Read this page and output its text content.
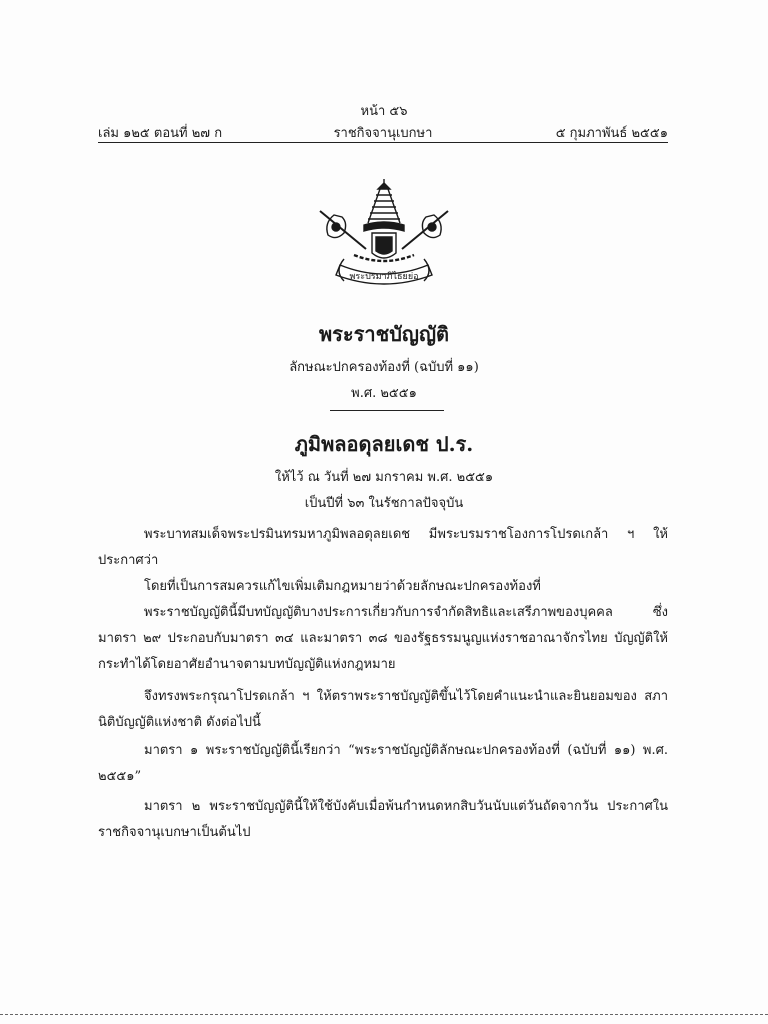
หน้า ๕๖
เล่ม ๑๒๕ ตอนที่ ๒๗ ก	ราชกิจจานุเบกษา	๕ กุมภาพันธ์ ๒๕๕๑
พระปรมาภิไธยย่อ
พระราชบัญญัติ
ลักษณะปกครองท้องที่ (ฉบับที่ ๑๑)
พ.ศ. ๒๕๕๑
ภูมิพลอดุลยเดช ป.ร.
ให้ไว้ ณ วันที่ ๒๗ มกราคม พ.ศ. ๒๕๕๑
เป็นปีที่ ๖๓ ในรัชกาลปัจจุบัน
พระบาทสมเด็จพระปรมินทรมหาภูมิพลอดุลยเดช มีพระบรมราชโองการโปรดเกล้า ฯ ให้ประกาศว่า
โดยที่เป็นการสมควรแก้ไขเพิ่มเติมกฎหมายว่าด้วยลักษณะปกครองท้องที่
พระราชบัญญัตินี้มีบทบัญญัติบางประการเกี่ยวกับการจำกัดสิทธิและเสรีภาพของบุคคล ซึ่งมาตรา ๒๙ ประกอบกับมาตรา ๓๔ และมาตรา ๓๘ ของรัฐธรรมนูญแห่งราชอาณาจักรไทย บัญญัติให้กระทำได้โดยอาศัยอำนาจตามบทบัญญัติแห่งกฎหมาย
จึงทรงพระกรุณาโปรดเกล้า ฯ ให้ตราพระราชบัญญัติขึ้นไว้โดยคำแนะนำและยินยอมของ สภานิติบัญญัติแห่งชาติ ดังต่อไปนี้
มาตรา ๑ พระราชบัญญัตินี้เรียกว่า “พระราชบัญญัติลักษณะปกครองท้องที่ (ฉบับที่ ๑๑) พ.ศ. ๒๕๕๑”
มาตรา ๒ พระราชบัญญัตินี้ให้ใช้บังคับเมื่อพ้นกำหนดหกสิบวันนับแต่วันถัดจากวัน ประกาศในราชกิจจานุเบกษาเป็นต้นไป
